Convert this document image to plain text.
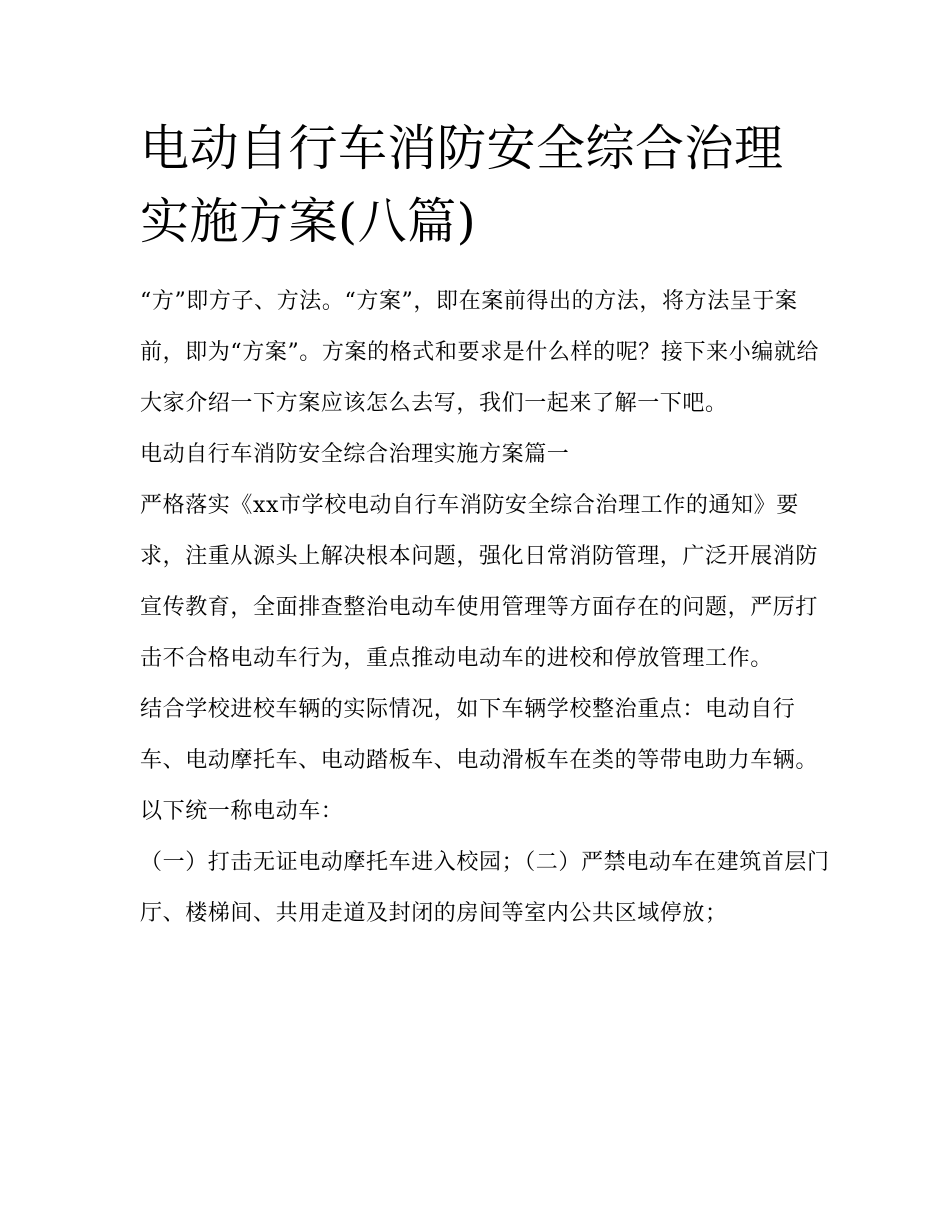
电动自行车消防安全综合治理
实施方案(八篇)

“方”即方子、方法。“方案”，即在案前得出的方法，将方法呈于案前，即为“方案”。方案的格式和要求是什么样的呢？接下来小编就给大家介绍一下方案应该怎么去写，我们一起来了解一下吧。

电动自行车消防安全综合治理实施方案篇一

严格落实《xx市学校电动自行车消防安全综合治理工作的通知》要求，注重从源头上解决根本问题，强化日常消防管理，广泛开展消防宣传教育，全面排查整治电动车使用管理等方面存在的问题，严厉打击不合格电动车行为，重点推动电动车的进校和停放管理工作。

结合学校进校车辆的实际情况，如下车辆学校整治重点：电动自行车、电动摩托车、电动踏板车、电动滑板车在类的等带电助力车辆。以下统一称电动车：

（一）打击无证电动摩托车进入校园；（二）严禁电动车在建筑首层门厅、楼梯间、共用走道及封闭的房间等室内公共区域停放；
